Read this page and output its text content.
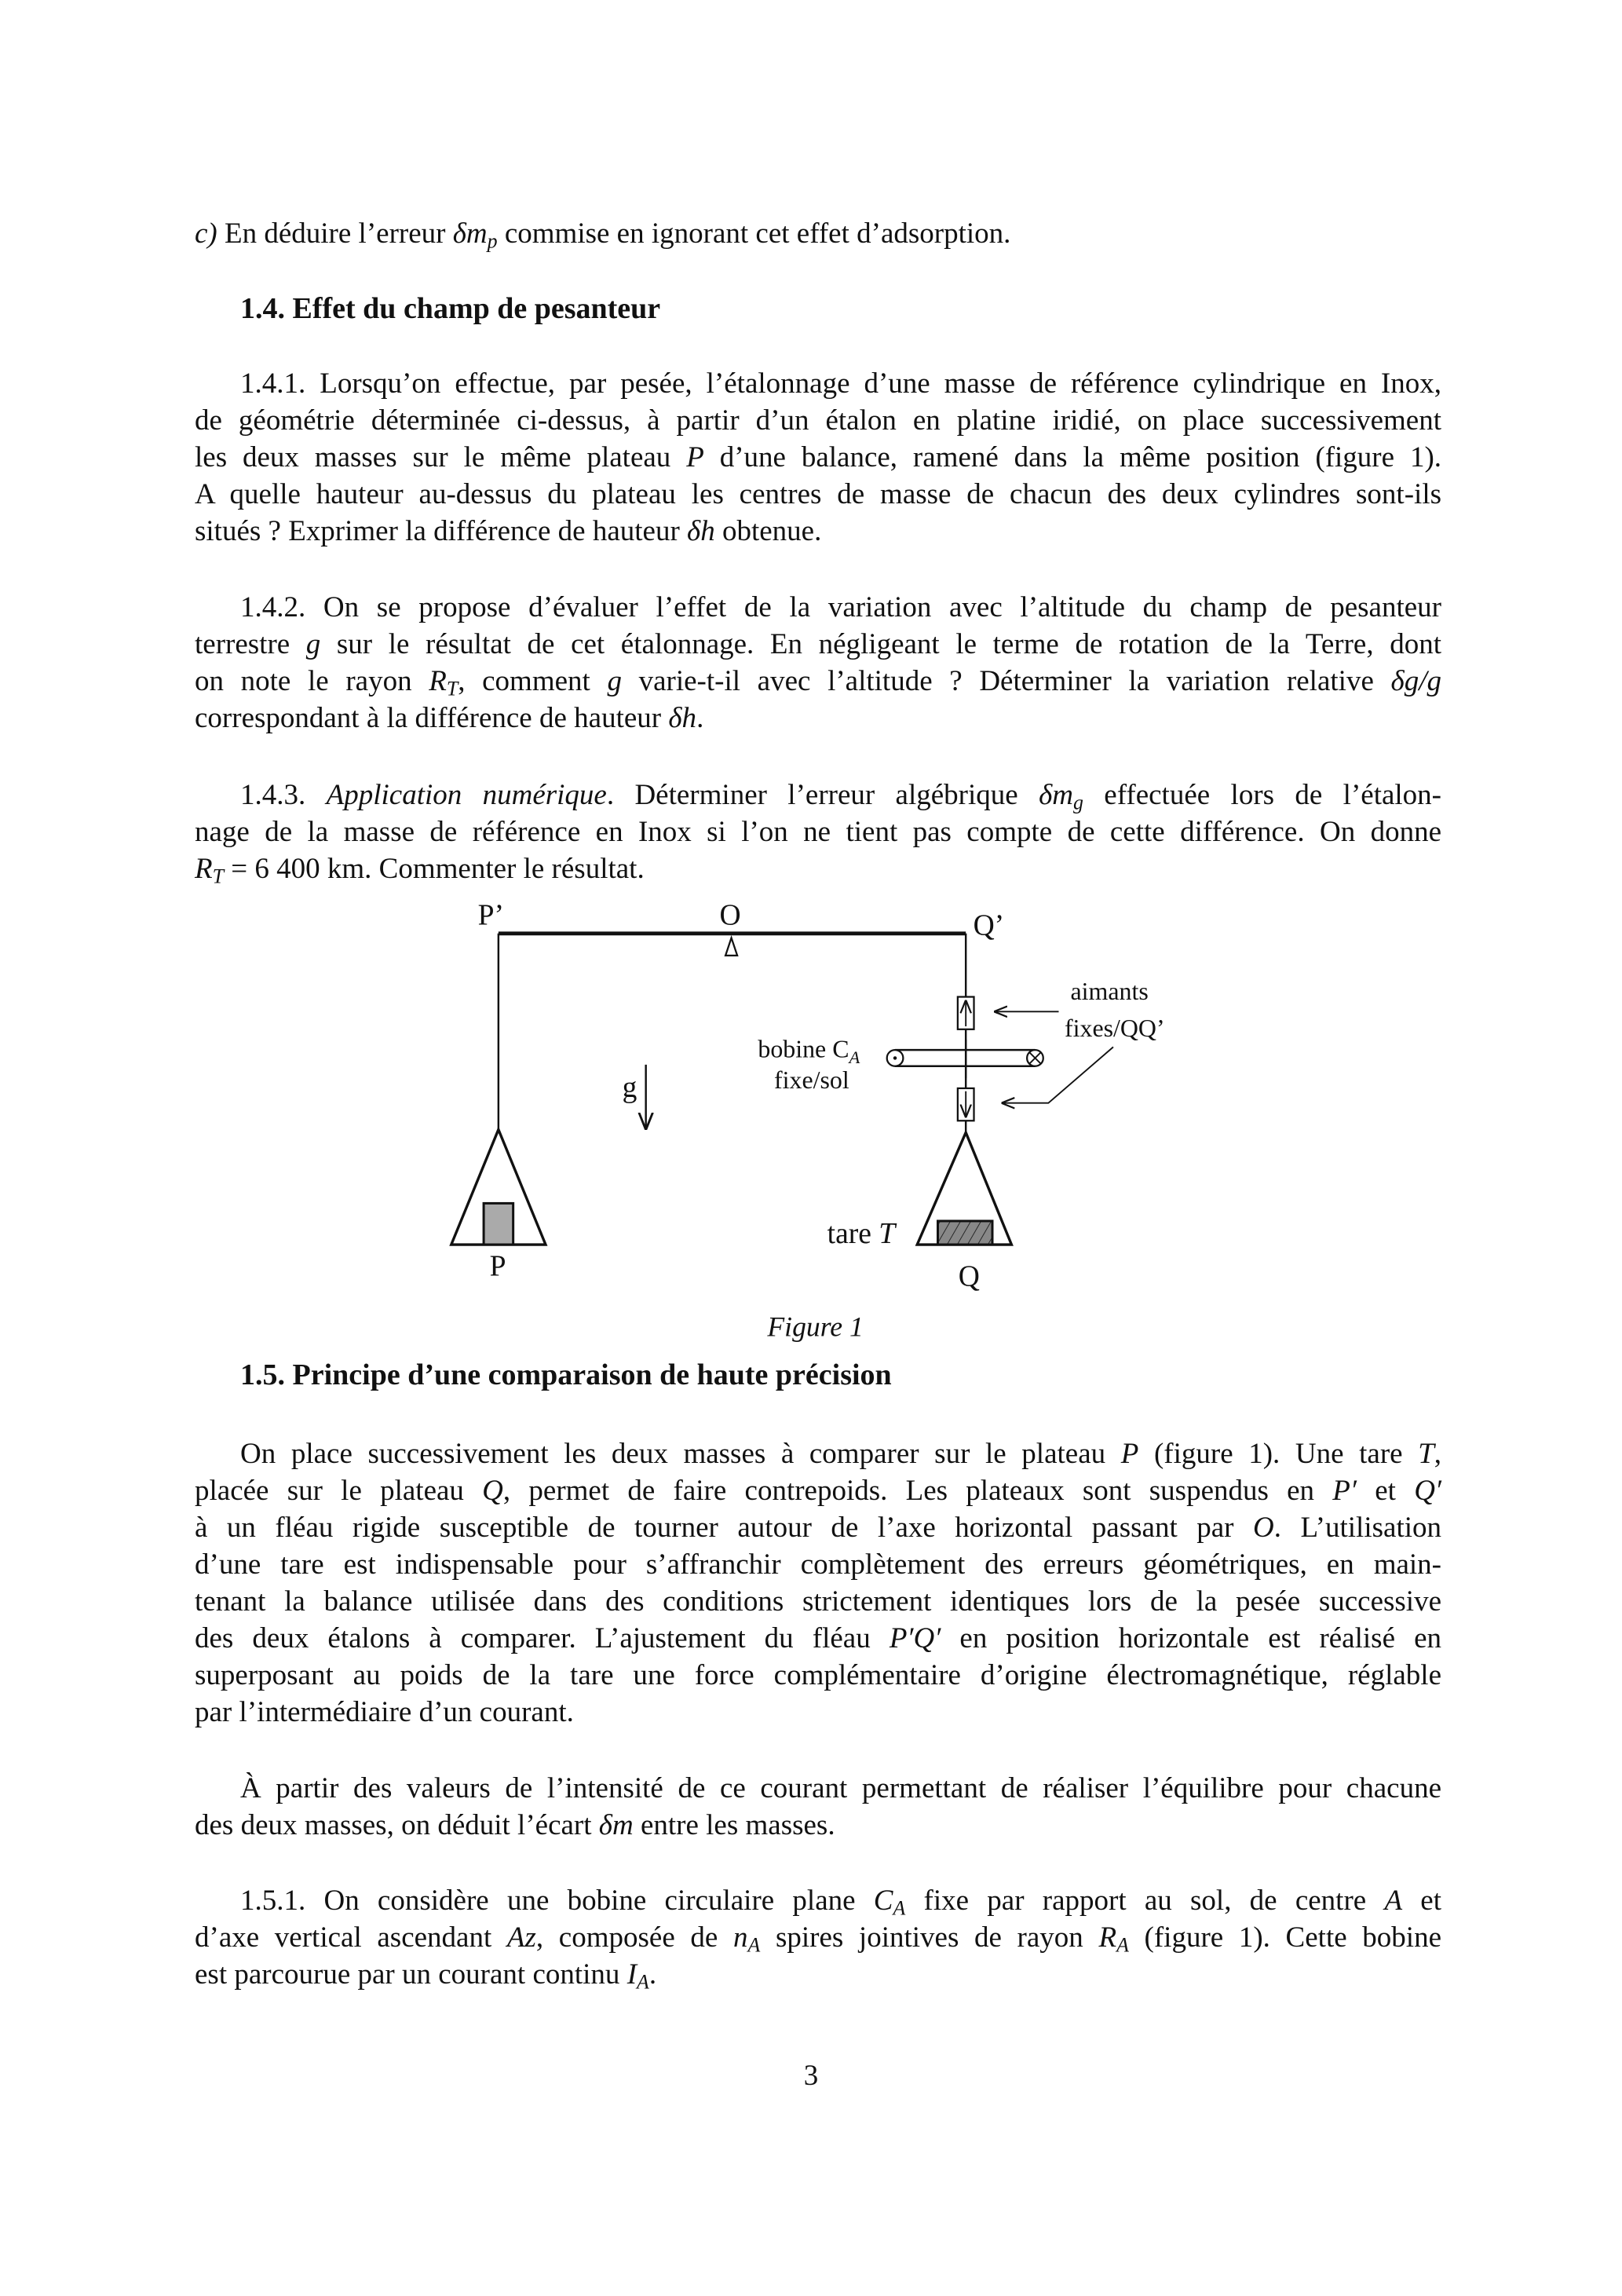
c) En déduire l’erreur $\delta m_p$ commise en ignorant cet effet d’adsorption.
1.4. Effet du champ de pesanteur
1.4.1. Lorsqu’on effectue, par pesée, l’étalonnage d’une masse de référence cylindrique en Inox,
de géométrie déterminée ci-dessus, à partir d’un étalon en platine iridié, on place successivement
les deux masses sur le même plateau P d’une balance, ramené dans la même position (figure 1).
A quelle hauteur au-dessus du plateau les centres de masse de chacun des deux cylindres sont-ils
situés ? Exprimer la différence de hauteur δh obtenue.
1.4.2. On se propose d’évaluer l’effet de la variation avec l’altitude du champ de pesanteur
terrestre g sur le résultat de cet étalonnage. En négligeant le terme de rotation de la Terre, dont
on note le rayon $R_T$, comment g varie-t-il avec l’altitude ? Déterminer la variation relative δg/g
correspondant à la différence de hauteur δh.
1.4.3. Application numérique. Déterminer l’erreur algébrique $\delta m_g$ effectuée lors de l’étalon-
nage de la masse de référence en Inox si l’on ne tient pas compte de cette différence. On donne
$R_T = 6$ 400 km. Commenter le résultat.
P’	O	Q’
aimants
fixes/QQ’
bobine $C_A$
fixe/sol
g
tare T
P	Q
Figure 1
1.5. Principe d’une comparaison de haute précision
On place successivement les deux masses à comparer sur le plateau P (figure 1). Une tare T,
placée sur le plateau Q, permet de faire contrepoids. Les plateaux sont suspendus en P′ et Q′
à un fléau rigide susceptible de tourner autour de l’axe horizontal passant par O. L’utilisation
d’une tare est indispensable pour s’affranchir complètement des erreurs géométriques, en main-
tenant la balance utilisée dans des conditions strictement identiques lors de la pesée successive
des deux étalons à comparer. L’ajustement du fléau P′Q′ en position horizontale est réalisé en
superposant au poids de la tare une force complémentaire d’origine électromagnétique, réglable
par l’intermédiaire d’un courant.
À partir des valeurs de l’intensité de ce courant permettant de réaliser l’équilibre pour chacune
des deux masses, on déduit l’écart δm entre les masses.
1.5.1. On considère une bobine circulaire plane $C_A$ fixe par rapport au sol, de centre A et
d’axe vertical ascendant Az, composée de $n_A$ spires jointives de rayon $R_A$ (figure 1). Cette bobine
est parcourue par un courant continu $I_A$.
3
